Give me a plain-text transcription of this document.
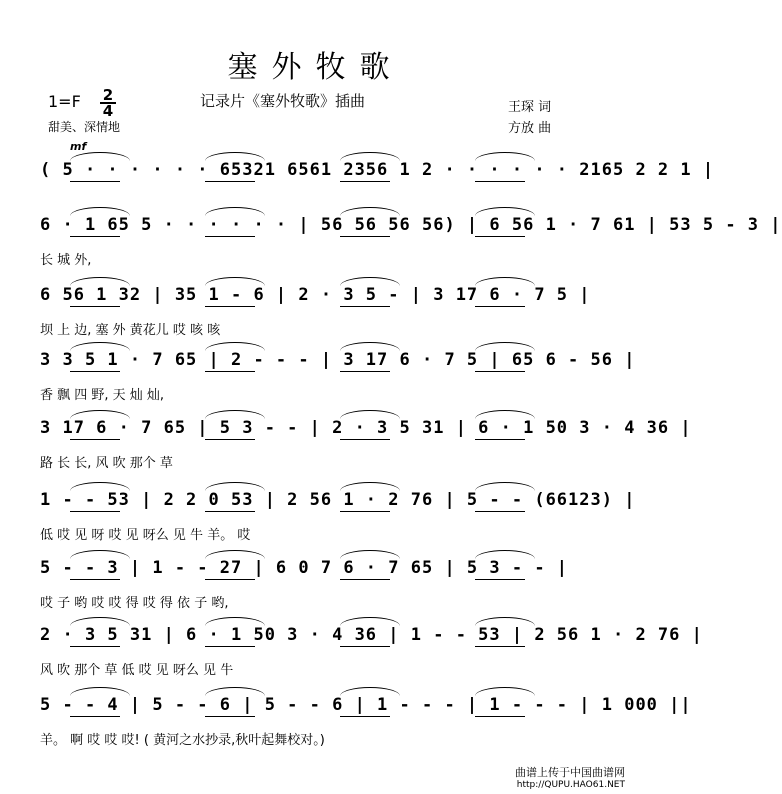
塞外牧歌
1=F 2
4
甜美、深情地
记录片《塞外牧歌》插曲	王琛 词
方放 曲
mf
( 5 · · · · · · 65321 6561 2356 1 2 · · · · · · 2165 2 2 1 |
6 · 1 65 5 · · · · · · | 56 56 56 56) | 6 56 1 · 7 61 | 53 5 - 3 |
长 城 外,
6 56 1 32 | 35 1 - 6 | 2 · 3 5 - | 3 17 6 · 7 5 |
坝 上 边, 塞 外 黄花儿 哎 咳 咳
3 3 5 1 · 7 65 | 2 - - - | 3 17 6 · 7 5 | 65 6 - 56 |
香 飘 四 野, 天 灿 灿,
3 17 6 · 7 65 | 5 3 - - | 2 · 3 5 31 | 6 · 1 50 3 · 4 36 |
路 长 长, 风 吹 那个 草
1 - - 53 | 2 2 0 53 | 2 56 1 · 2 76 | 5 - - (66123) |
低 哎 见 呀 哎 见 呀么 见 牛 羊。 哎
5 - - 3 | 1 - - 27 | 6 0 7 6 · 7 65 | 5 3 - - |
哎 子 哟 哎 哎 得 哎 得 依 子 哟,
2 · 3 5 31 | 6 · 1 50 3 · 4 36 | 1 - - 53 | 2 56 1 · 2 76 |
风 吹 那个 草 低 哎 见 呀么 见 牛
5 - - 4 | 5 - - 6 | 5 - - 6 | 1 - - - | 1 - - - | 1 000 ||
羊。 啊 哎 哎 哎! ( 黄河之水抄录,秋叶起舞校对。)
曲谱上传于中国曲谱网
http://QUPU.HAO61.NET
